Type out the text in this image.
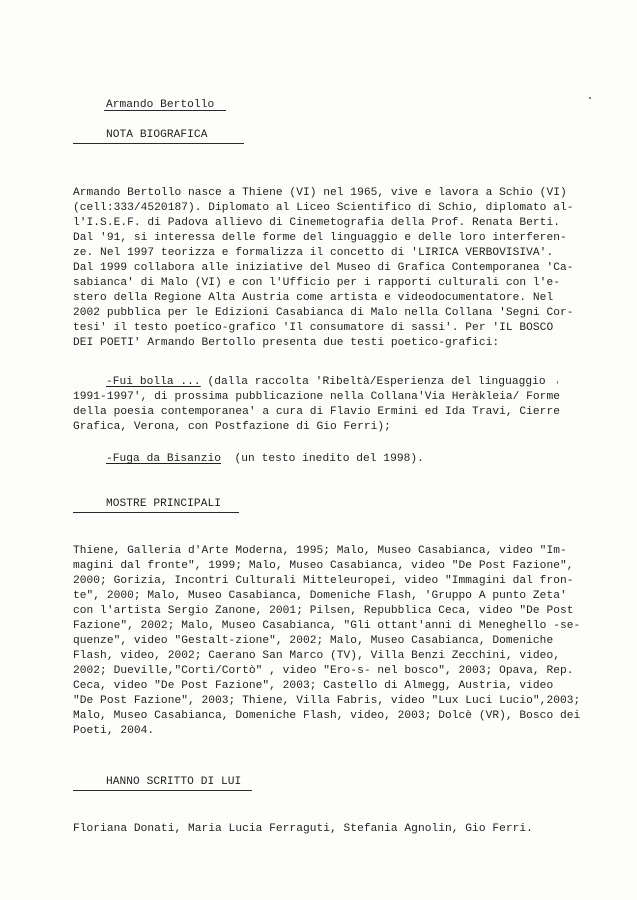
Armando Bertollo
NOTA BIOGRAFICA
Armando Bertollo nasce a Thiene (VI) nel 1965, vive e lavora a Schio (VI)
(cell:333/4520187). Diplomato al Liceo Scientifico di Schio, diplomato al-
l'I.S.E.F. di Padova allievo di Cinemetografia della Prof. Renata Berti.
Dal '91, si interessa delle forme del linguaggio e delle loro interferen-
ze. Nel 1997 teorizza e formalizza il concetto di 'LIRICA VERBOVISIVA'.
Dal 1999 collabora alle iniziative del Museo di Grafica Contemporanea 'Ca-
sabianca' di Malo (VI) e con l'Ufficio per i rapporti culturali con l'e-
stero della Regione Alta Austria come artista e videodocumentatore. Nel
2002 pubblica per le Edizioni Casabianca di Malo nella Collana 'Segni Cor-
tesi' il testo poetico-grafico 'Il consumatore di sassi'. Per 'IL BOSCO
DEI POETI' Armando Bertollo presenta due testi poetico-grafici:
-Fui bolla ... (dalla raccolta 'Ribeltà/Esperienza del linguaggio
1991-1997', di prossima pubblicazione nella Collana'Via Heràkleia/ Forme
della poesia contemporanea' a cura di Flavio Ermini ed Ida Travi, Cierre
Grafica, Verona, con Postfazione di Gio Ferri);
-Fuga da Bisanzio  (un testo inedito del 1998).
MOSTRE PRINCIPALI
Thiene, Galleria d'Arte Moderna, 1995; Malo, Museo Casabianca, video "Im-
magini dal fronte", 1999; Malo, Museo Casabianca, video "De Post Fazione",
2000; Gorizia, Incontri Culturali Mitteleuropei, video "Immagini dal fron-
te", 2000; Malo, Museo Casabianca, Domeniche Flash, 'Gruppo A punto Zeta'
con l'artista Sergio Zanone, 2001; Pilsen, Repubblica Ceca, video "De Post
Fazione", 2002; Malo, Museo Casabianca, "Gli ottant'anni di Meneghello -se-
quenze", video "Gestalt-zione", 2002; Malo, Museo Casabianca, Domeniche
Flash, video, 2002; Caerano San Marco (TV), Villa Benzi Zecchini, video,
2002; Dueville,"Cortì/Cortò" , video "Ero-s- nel bosco", 2003; Opava, Rep.
Ceca, video "De Post Fazione", 2003; Castello di Almegg, Austria, video
"De Post Fazione", 2003; Thiene, Villa Fabris, video "Lux Luci Lucio",2003;
Malo, Museo Casabianca, Domeniche Flash, video, 2003; Dolcè (VR), Bosco dei
Poeti, 2004.
HANNO SCRITTO DI LUI
Floriana Donati, Maria Lucia Ferraguti, Stefania Agnolin, Gio Ferri.
